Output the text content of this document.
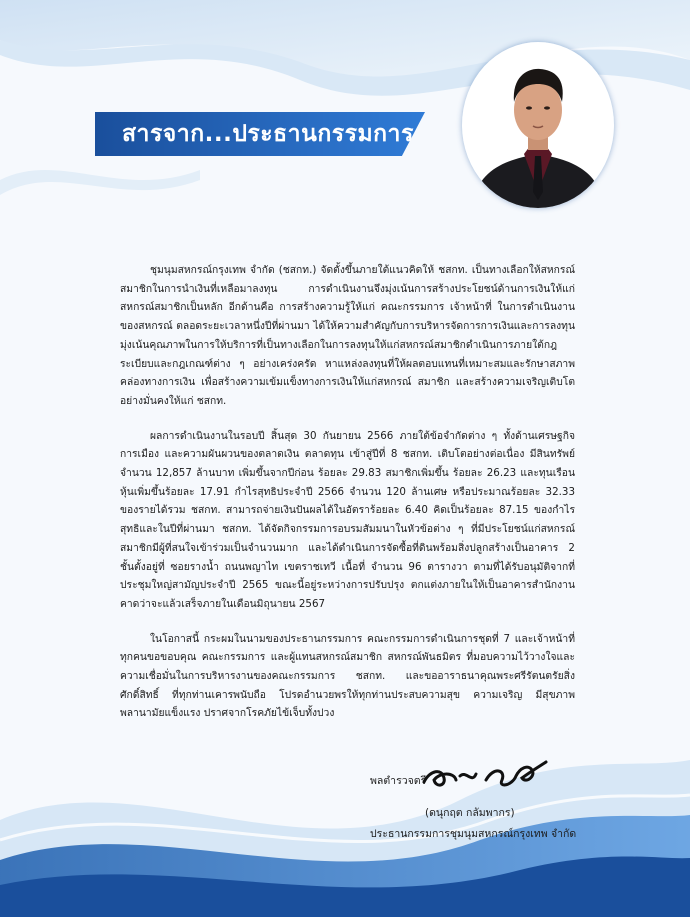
สารจาก...ประธานกรรมการ

ชุมนุมสหกรณ์กรุงเทพ จำกัด (ชสกท.) จัดตั้งขึ้นภายใต้แนวคิดให้ ชสกท. เป็นทางเลือกให้สหกรณ์สมาชิกในการนำเงินที่เหลือมาลงทุน การดำเนินงานจึงมุ่งเน้นการสร้างประโยชน์ด้านการเงินให้แก่สหกรณ์สมาชิกเป็นหลัก อีกด้านคือ การสร้างความรู้ให้แก่ คณะกรรมการ เจ้าหน้าที่ ในการดำเนินงานของสหกรณ์ ตลอดระยะเวลาหนึ่งปีที่ผ่านมา ได้ให้ความสำคัญกับการบริหารจัดการการเงินและการลงทุนมุ่งเน้นคุณภาพในการให้บริการที่เป็นทางเลือกในการลงทุนให้แก่สหกรณ์สมาชิกดำเนินการภายใต้กฎระเบียบและกฎเกณฑ์ต่าง ๆ อย่างเคร่งครัด หาแหล่งลงทุนที่ให้ผลตอบแทนที่เหมาะสมและรักษาสภาพคล่องทางการเงิน เพื่อสร้างความเข้มแข็งทางการเงินให้แก่สหกรณ์ สมาชิก และสร้างความเจริญเติบโตอย่างมั่นคงให้แก่ ชสกท.

ผลการดำเนินงานในรอบปี สิ้นสุด 30 กันยายน 2566 ภายใต้ข้อจำกัดต่าง ๆ ทั้งด้านเศรษฐกิจการเมือง และความผันผวนของตลาดเงิน ตลาดทุน เข้าสู่ปีที่ 8 ชสกท. เติบโตอย่างต่อเนื่อง มีสินทรัพย์จำนวน 12,857 ล้านบาท เพิ่มขึ้นจากปีก่อน ร้อยละ 29.83 สมาชิกเพิ่มขึ้น ร้อยละ 26.23 และทุนเรือนหุ้นเพิ่มขึ้นร้อยละ 17.91 กำไรสุทธิประจำปี 2566 จำนวน 120 ล้านเศษ หรือประมาณร้อยละ 32.33 ของรายได้รวม ชสกท. สามารถจ่ายเงินปันผลได้ในอัตราร้อยละ 6.40 คิดเป็นร้อยละ 87.15 ของกำไรสุทธิและในปีที่ผ่านมา ชสกท. ได้จัดกิจกรรมการอบรมสัมมนาในหัวข้อต่าง ๆ ที่มีประโยชน์แก่สหกรณ์สมาชิกมีผู้ที่สนใจเข้าร่วมเป็นจำนวนมาก และได้ดำเนินการจัดซื้อที่ดินพร้อมสิ่งปลูกสร้างเป็นอาคาร 2 ชั้นตั้งอยู่ที่ ซอยรางน้ำ ถนนพญาไท เขตราชเทวี เนื้อที่ จำนวน 96 ตารางวา ตามที่ได้รับอนุมัติจากที่ประชุมใหญ่สามัญประจำปี 2565 ขณะนี้อยู่ระหว่างการปรับปรุง ตกแต่งภายในให้เป็นอาคารสำนักงานคาดว่าจะแล้วเสร็จภายในเดือนมิถุนายน 2567

ในโอกาสนี้ กระผมในนามของประธานกรรมการ คณะกรรมการดำเนินการชุดที่ 7 และเจ้าหน้าที่ทุกคนขอขอบคุณ คณะกรรมการ และผู้แทนสหกรณ์สมาชิก สหกรณ์พันธมิตร ที่มอบความไว้วางใจและความเชื่อมั่นในการบริหารงานของคณะกรรมการ ชสกท. และขออาราธนาคุณพระศรีรัตนตรัยสิ่งศักดิ์สิทธิ์ ที่ทุกท่านเคารพนับถือ โปรดอำนวยพรให้ทุกท่านประสบความสุข ความเจริญ มีสุขภาพพลานามัยแข็งแรง ปราศจากโรคภัยไข้เจ็บทั้งปวง

พลตำรวจตรี
(ดนุกฤต กลัมพากร)
ประธานกรรมการชุมนุมสหกรณ์กรุงเทพ จำกัด
